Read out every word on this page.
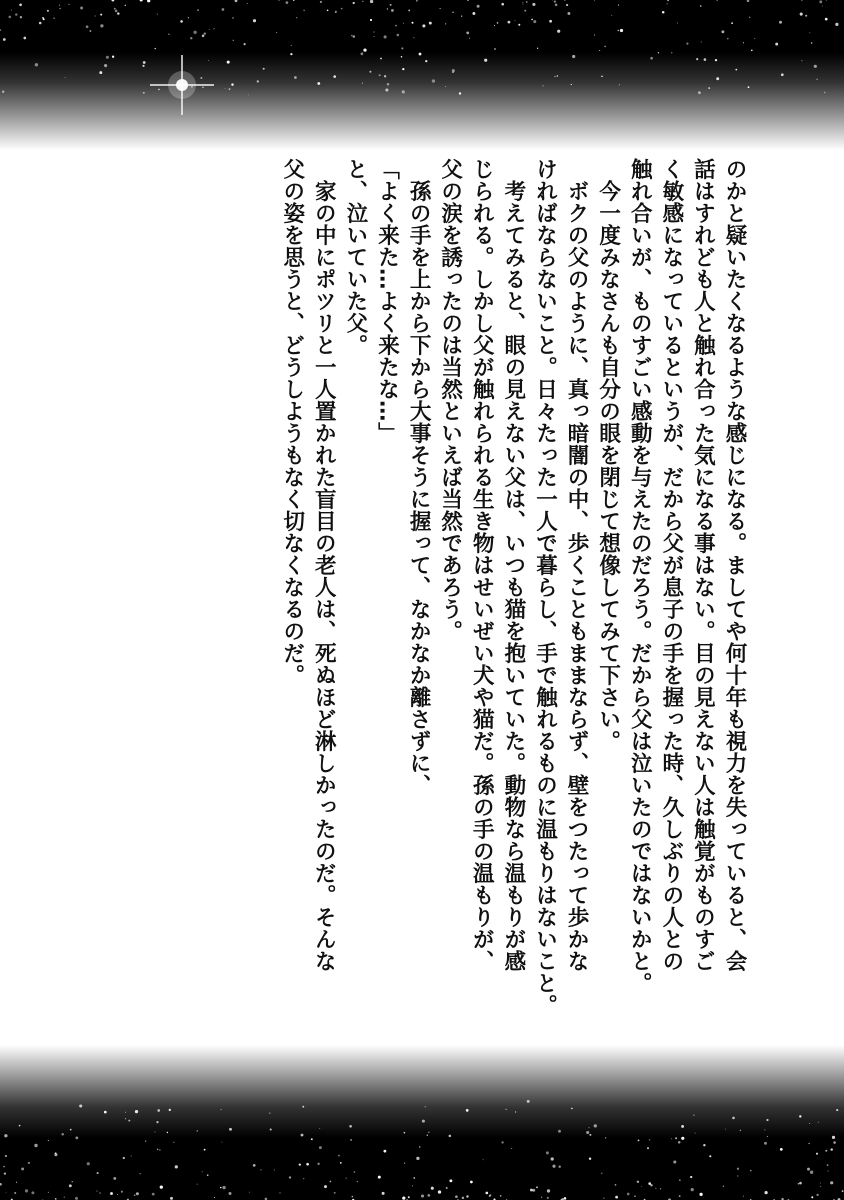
のかと疑いたくなるような感じになる。ましてや何十年も視力を失っていると、会

話はすれども人と触れ合った気になる事はない。目の見えない人は触覚がものすご

く敏感になっているというが、だから父が息子の手を握った時、久しぶりの人との

触れ合いが、ものすごい感動を与えたのだろう。だから父は泣いたのではないかと。

　今一度みなさんも自分の眼を閉じて想像してみて下さい。

　ボクの父のように、真っ暗闇の中、歩くこともままならず、壁をつたって歩かな

ければならないこと。日々たった一人で暮らし、手で触れるものに温もりはないこと。

　考えてみると、眼の見えない父は、いつも猫を抱いていた。動物なら温もりが感

じられる。しかし父が触れられる生き物はせいぜい犬や猫だ。孫の手の温もりが、

父の涙を誘ったのは当然といえば当然であろう。

　孫の手を上から下から大事そうに握って、なかなか離さずに、

「よく来た…よく来たな…」

と、泣いていた父。

　家の中にポツリと一人置かれた盲目の老人は、死ぬほど淋しかったのだ。そんな

父の姿を思うと、どうしようもなく切なくなるのだ。
